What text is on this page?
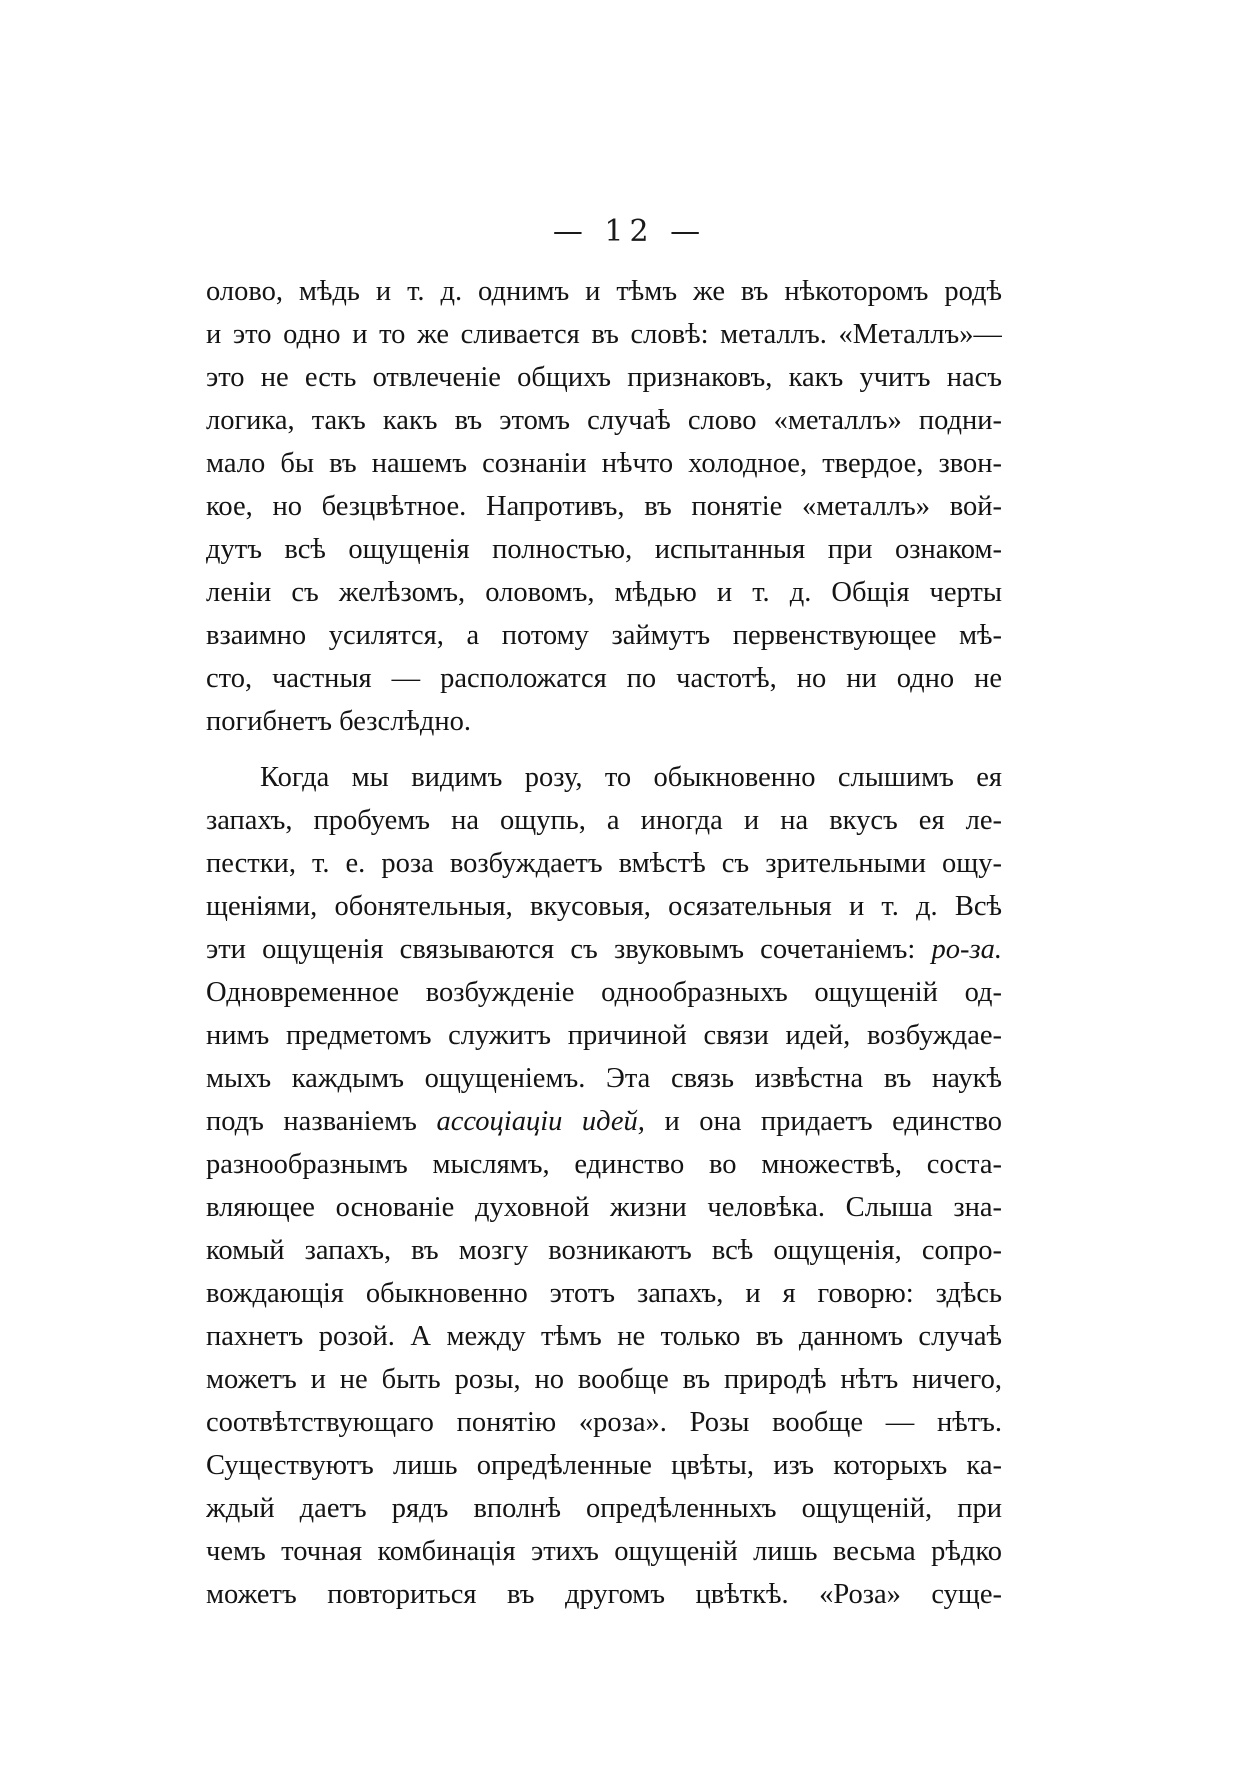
— 12 —
олово, мѣдь и т. д. однимъ и тѣмъ же въ нѣкоторомъ родѣ
и это одно и то же сливается въ словѣ: металлъ. «Металлъ»—
это не есть отвлеченіе общихъ признаковъ, какъ учитъ насъ
логика, такъ какъ въ этомъ случаѣ слово «металлъ» подни-
мало бы въ нашемъ сознаніи нѣчто холодное, твердое, звон-
кое, но безцвѣтное. Напротивъ, въ понятіе «металлъ» вой-
дутъ всѣ ощущенія полностью, испытанныя при ознаком-
леніи съ желѣзомъ, оловомъ, мѣдью и т. д. Общія черты
взаимно усилятся, а потому займутъ первенствующее мѣ-
сто, частныя — расположатся по частотѣ, но ни одно не
погибнетъ безслѣдно.
Когда мы видимъ розу, то обыкновенно слышимъ ея
запахъ, пробуемъ на ощупь, а иногда и на вкусъ ея ле-
пестки, т. е. роза возбуждаетъ вмѣстѣ съ зрительными ощу-
щеніями, обонятельныя, вкусовыя, осязательныя и т. д. Всѣ
эти ощущенія связываются съ звуковымъ сочетаніемъ: ро-за.
Одновременное возбужденіе однообразныхъ ощущеній од-
нимъ предметомъ служитъ причиной связи идей, возбуждае-
мыхъ каждымъ ощущеніемъ. Эта связь извѣстна въ наукѣ
подъ названіемъ ассоціаціи идей, и она придаетъ единство
разнообразнымъ мыслямъ, единство во множествѣ, соста-
вляющее основаніе духовной жизни человѣка. Слыша зна-
комый запахъ, въ мозгу возникаютъ всѣ ощущенія, сопро-
вождающія обыкновенно этотъ запахъ, и я говорю: здѣсь
пахнетъ розой. А между тѣмъ не только въ данномъ случаѣ
можетъ и не быть розы, но вообще въ природѣ нѣтъ ничего,
соотвѣтствующаго понятію «роза». Розы вообще — нѣтъ.
Существуютъ лишь опредѣленные цвѣты, изъ которыхъ ка-
ждый даетъ рядъ вполнѣ опредѣленныхъ ощущеній, при
чемъ точная комбинація этихъ ощущеній лишь весьма рѣдко
можетъ повториться въ другомъ цвѣткѣ. «Роза» суще-
